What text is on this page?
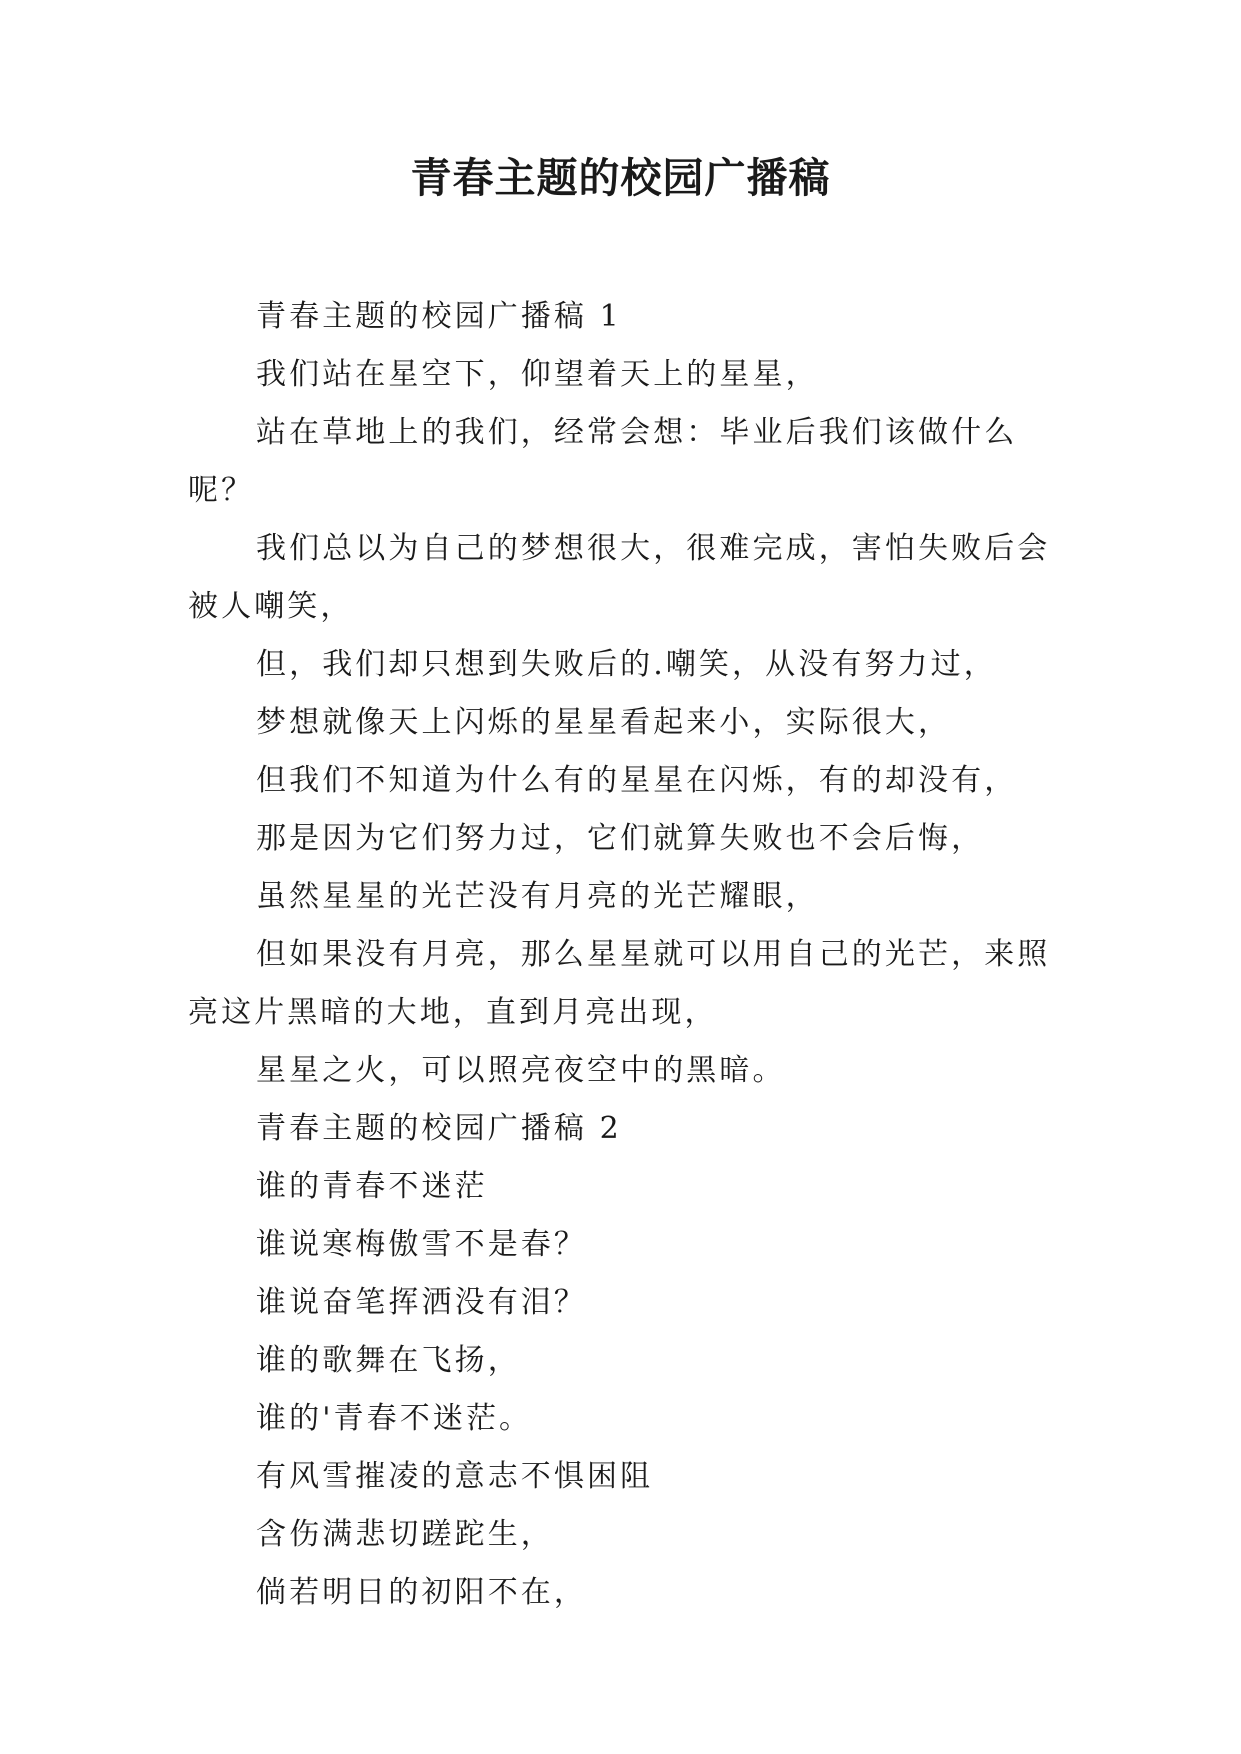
青春主题的校园广播稿

青春主题的校园广播稿 1

我们站在星空下，仰望着天上的星星，

站在草地上的我们，经常会想：毕业后我们该做什么呢？

我们总以为自己的梦想很大，很难完成，害怕失败后会被人嘲笑，

但，我们却只想到失败后的.嘲笑，从没有努力过，

梦想就像天上闪烁的星星看起来小，实际很大，

但我们不知道为什么有的星星在闪烁，有的却没有，

那是因为它们努力过，它们就算失败也不会后悔，

虽然星星的光芒没有月亮的光芒耀眼，

但如果没有月亮，那么星星就可以用自己的光芒，来照亮这片黑暗的大地，直到月亮出现，

星星之火，可以照亮夜空中的黑暗。

青春主题的校园广播稿 2

谁的青春不迷茫

谁说寒梅傲雪不是春？

谁说奋笔挥洒没有泪？

谁的歌舞在飞扬，

谁的'青春不迷茫。

有风雪摧凌的意志不惧困阻

含伤满悲切蹉跎生，

倘若明日的初阳不在，
